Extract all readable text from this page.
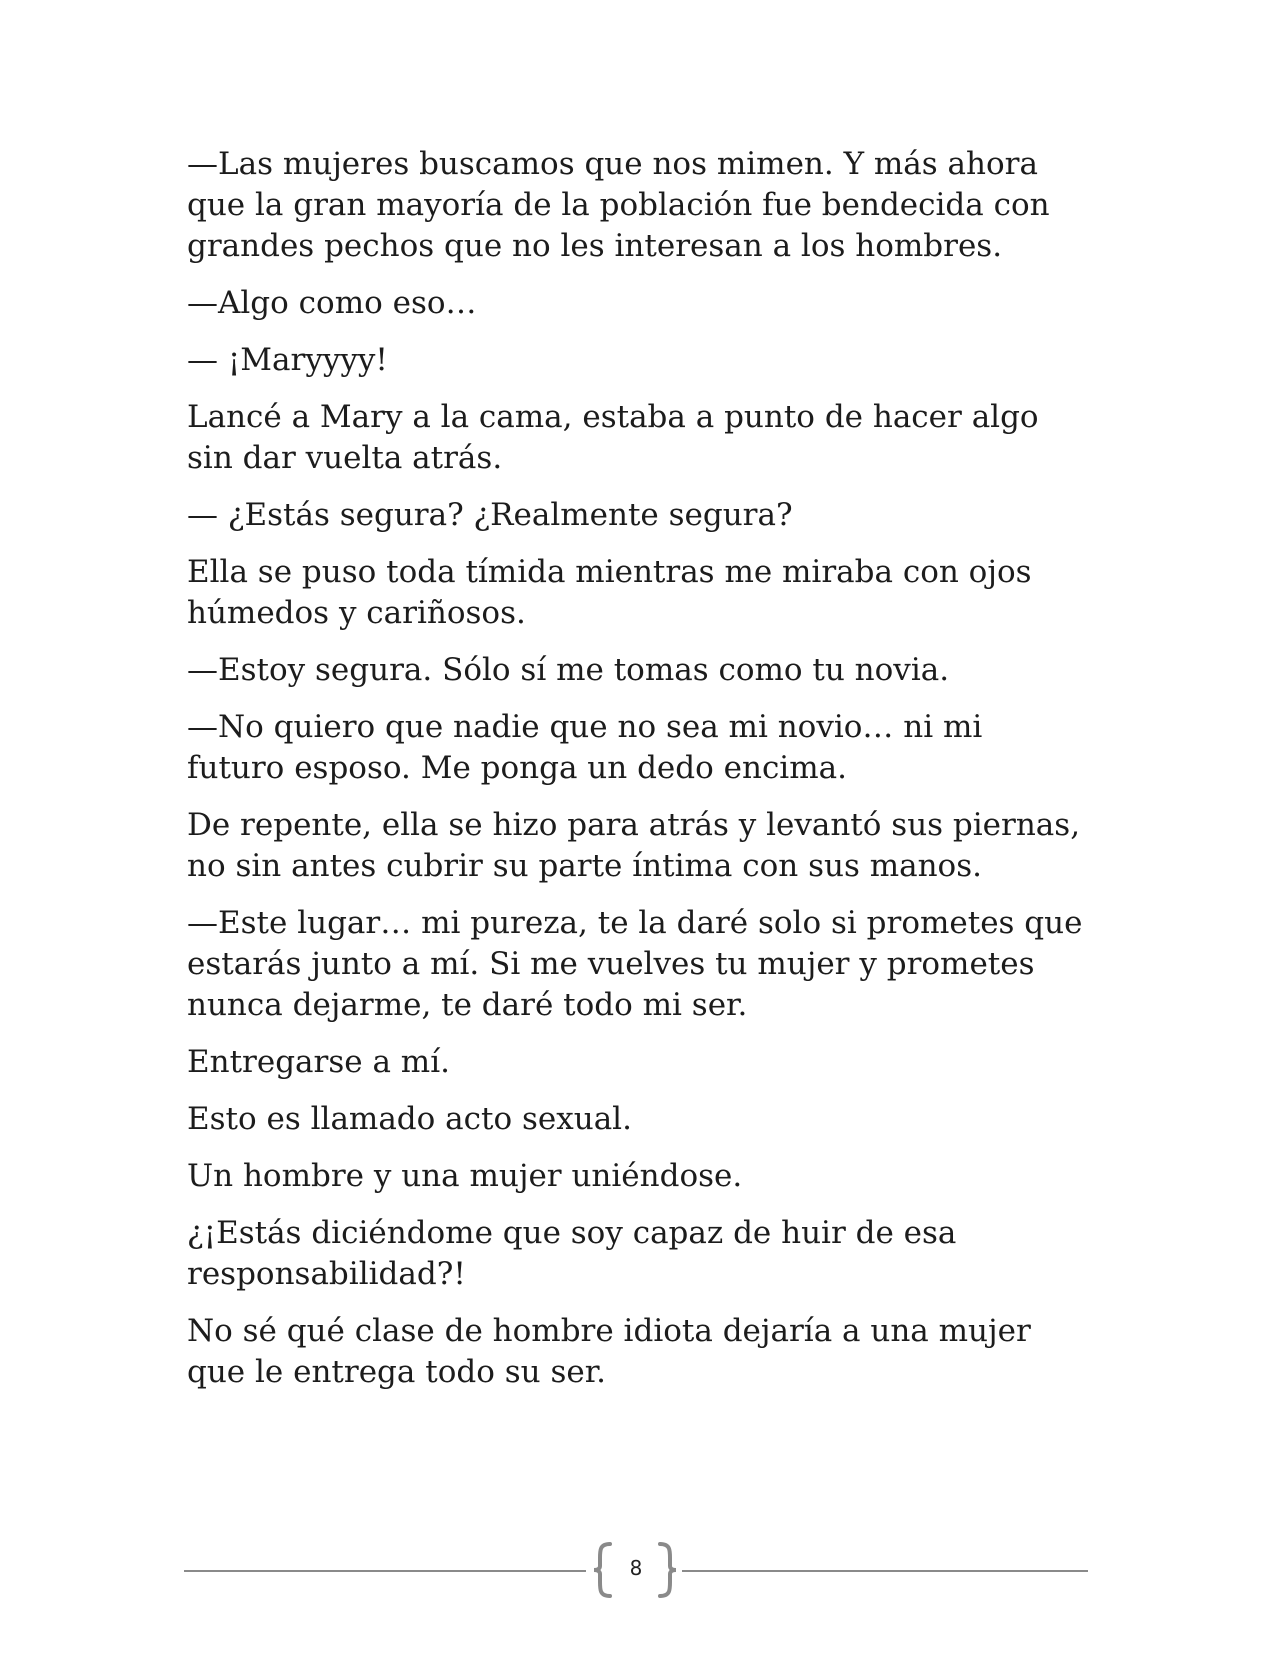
—Las mujeres buscamos que nos mimen. Y más ahora que la gran mayoría de la población fue bendecida con grandes pechos que no les interesan a los hombres.

—Algo como eso…

— ¡Maryyyy!

Lancé a Mary a la cama, estaba a punto de hacer algo sin dar vuelta atrás.

— ¿Estás segura? ¿Realmente segura?

Ella se puso toda tímida mientras me miraba con ojos húmedos y cariñosos.

—Estoy segura. Sólo sí me tomas como tu novia.

—No quiero que nadie que no sea mi novio… ni mi futuro esposo. Me ponga un dedo encima.

De repente, ella se hizo para atrás y levantó sus piernas, no sin antes cubrir su parte íntima con sus manos.

—Este lugar… mi pureza, te la daré solo si prometes que estarás junto a mí. Si me vuelves tu mujer y prometes nunca dejarme, te daré todo mi ser.

Entregarse a mí.

Esto es llamado acto sexual.

Un hombre y una mujer uniéndose.

¿¡Estás diciéndome que soy capaz de huir de esa responsabilidad?!

No sé qué clase de hombre idiota dejaría a una mujer que le entrega todo su ser.

8
